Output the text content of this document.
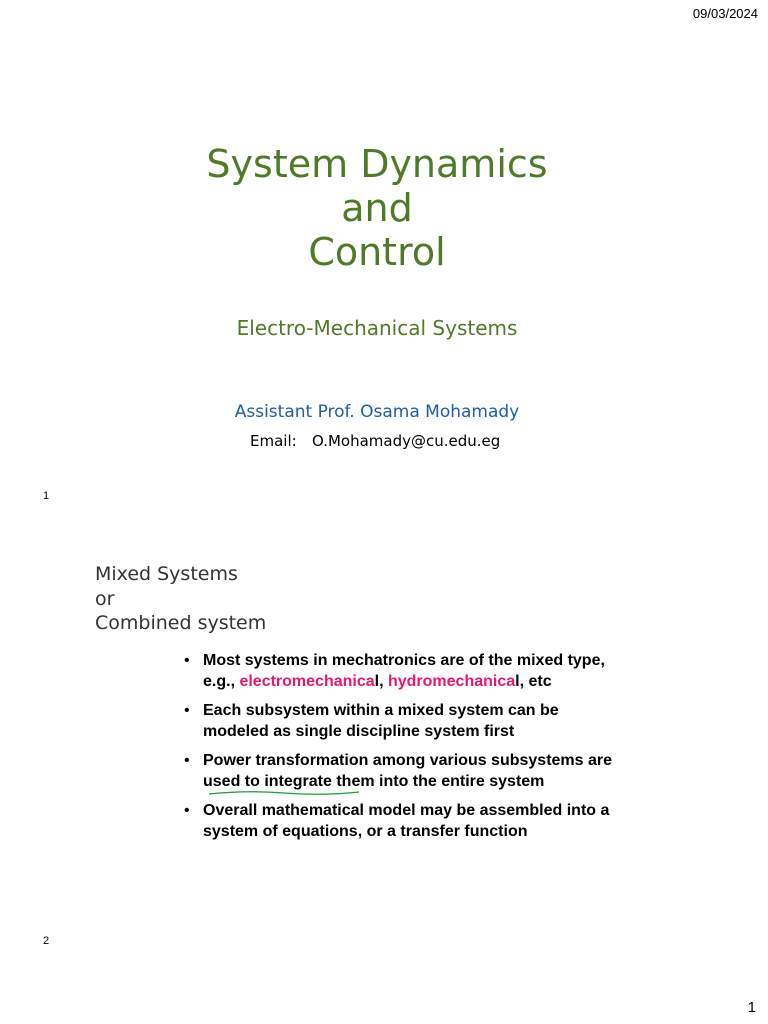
09/03/2024
System Dynamics
and
Control
Electro-Mechanical Systems
Assistant Prof. Osama Mohamady
Email: O.Mohamady@cu.edu.eg
1
Mixed Systems
or
Combined system
• Most systems in mechatronics are of the mixed type, e.g., electromechanical, hydromechanical, etc
• Each subsystem within a mixed system can be modeled as single discipline system first
• Power transformation among various subsystems are used to integrate them into the entire system
• Overall mathematical model may be assembled into a system of equations, or a transfer function
2
1
